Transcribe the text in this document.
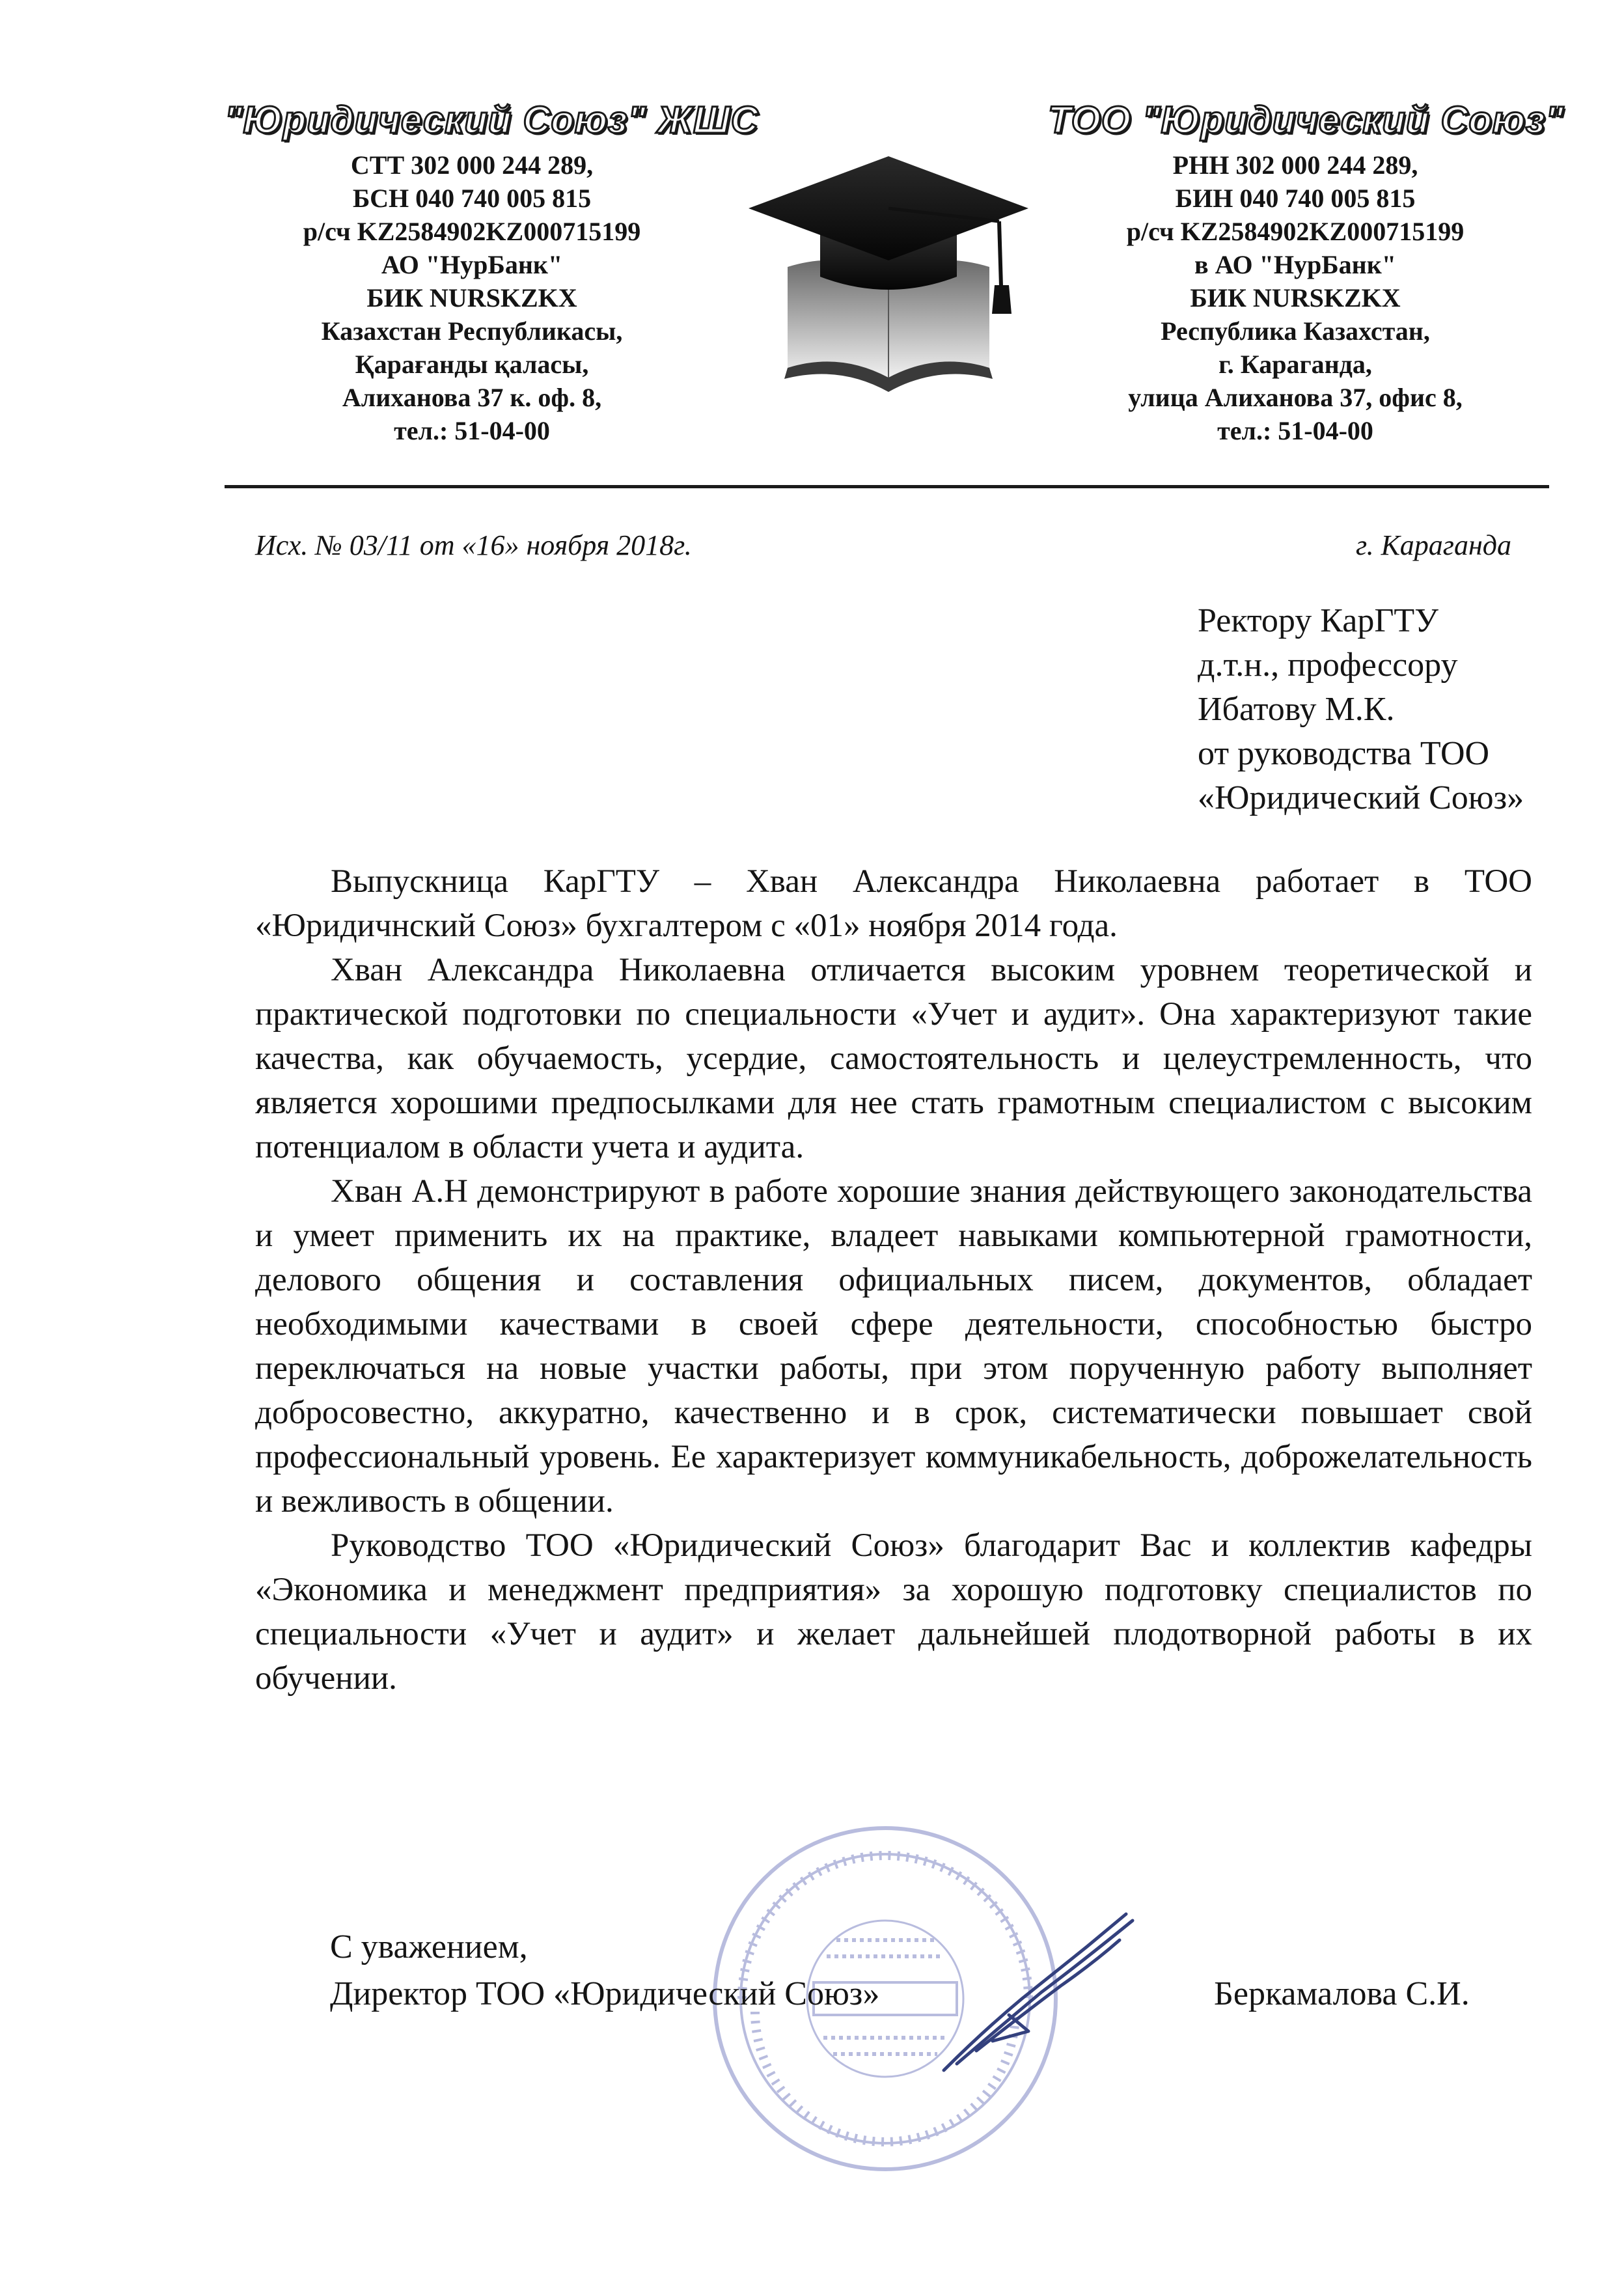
"Юридический Союз" ЖШС
СТТ 302 000 244 289,
БСН 040 740 005 815
р/сч KZ2584902KZ000715199
АО "НурБанк"
БИК NURSKZKX
Казахстан Республикасы,
Қарағанды қаласы,
Алиханова 37 к. оф. 8,
тел.: 51-04-00
ТОО "Юридический Союз"
РНН 302 000 244 289,
БИН 040 740 005 815
р/сч KZ2584902KZ000715199
в АО "НурБанк"
БИК NURSKZKX
Республика Казахстан,
г. Караганда,
улица Алиханова 37, офис 8,
тел.: 51-04-00
Исх. № 03/11 от «16» ноября 2018г.	г. Караганда
Ректору КарГТУ
д.т.н., профессору
Ибатову М.К.
от руководства ТОО
«Юридический Союз»

Выпускница КарГТУ – Хван Александра Николаевна работает в ТОО «Юридичнский Союз» бухгалтером с «01» ноября 2014 года.

Хван Александра Николаевна отличается высоким уровнем теоретической и практической подготовки по специальности «Учет и аудит». Она характеризуют такие качества, как обучаемость, усердие, самостоятельность и целеустремленность, что является хорошими предпосылками для нее стать грамотным специалистом с высоким потенциалом в области учета и аудита.

Хван А.Н демонстрируют в работе хорошие знания действующего законодательства и умеет применить их на практике, владеет навыками компьютерной грамотности, делового общения и составления официальных писем, документов, обладает необходимыми качествами в своей сфере деятельности, способностью быстро переключаться на новые участки работы, при этом порученную работу выполняет добросовестно, аккуратно, качественно и в срок, систематически повышает свой профессиональный уровень. Ее характеризует коммуникабельность, доброжелательность и вежливость в общении.

Руководство ТОО «Юридический Союз» благодарит Вас и коллектив кафедры «Экономика и менеджмент предприятия» за хорошую подготовку специалистов по специальности «Учет и аудит» и желает дальнейшей плодотворной работы в их обучении.

С уважением,
Директор ТОО «Юридический Союз»	Беркамалова С.И.
